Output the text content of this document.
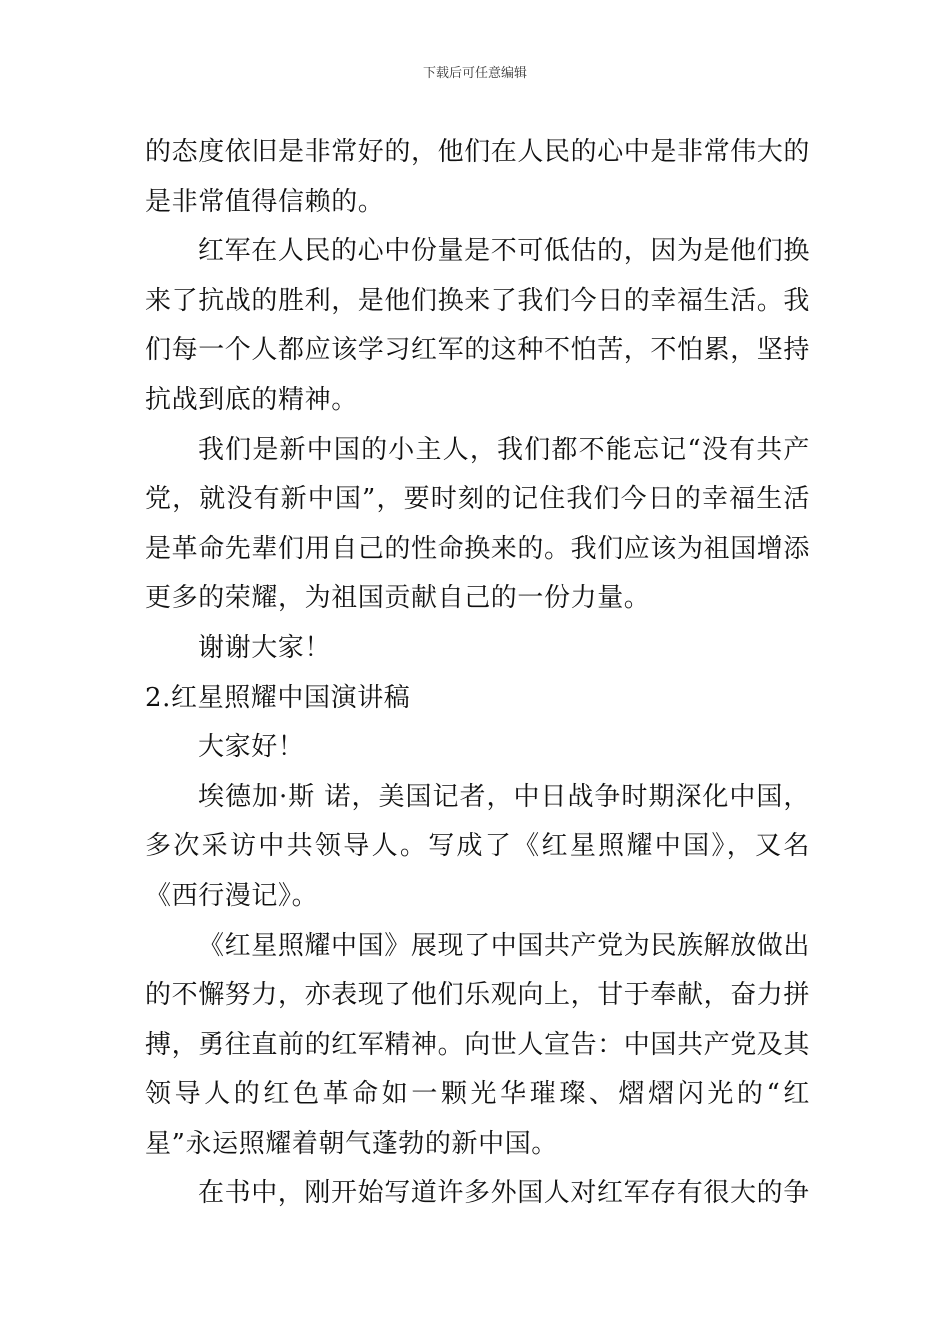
下载后可任意编辑

的态度依旧是非常好的，他们在人民的心中是非常伟大的是非常值得信赖的。

红军在人民的心中份量是不可低估的，因为是他们换来了抗战的胜利，是他们换来了我们今日的幸福生活。我们每一个人都应该学习红军的这种不怕苦，不怕累，坚持抗战到底的精神。

我们是新中国的小主人，我们都不能忘记“没有共产党，就没有新中国”，要时刻的记住我们今日的幸福生活是革命先辈们用自己的性命换来的。我们应该为祖国增添更多的荣耀，为祖国贡献自己的一份力量。

谢谢大家！

2.红星照耀中国演讲稿

大家好！

埃德加·斯 诺，美国记者，中日战争时期深化中国，多次采访中共领导人。写成了《红星照耀中国》，又名《西行漫记》。

《红星照耀中国》展现了中国共产党为民族解放做出的不懈努力，亦表现了他们乐观向上，甘于奉献，奋力拼搏，勇往直前的红军精神。向世人宣告：中国共产党及其领导人的红色革命如一颗光华璀璨、熠熠闪光的“红星”永运照耀着朝气蓬勃的新中国。

在书中，刚开始写道许多外国人对红军存有很大的争
